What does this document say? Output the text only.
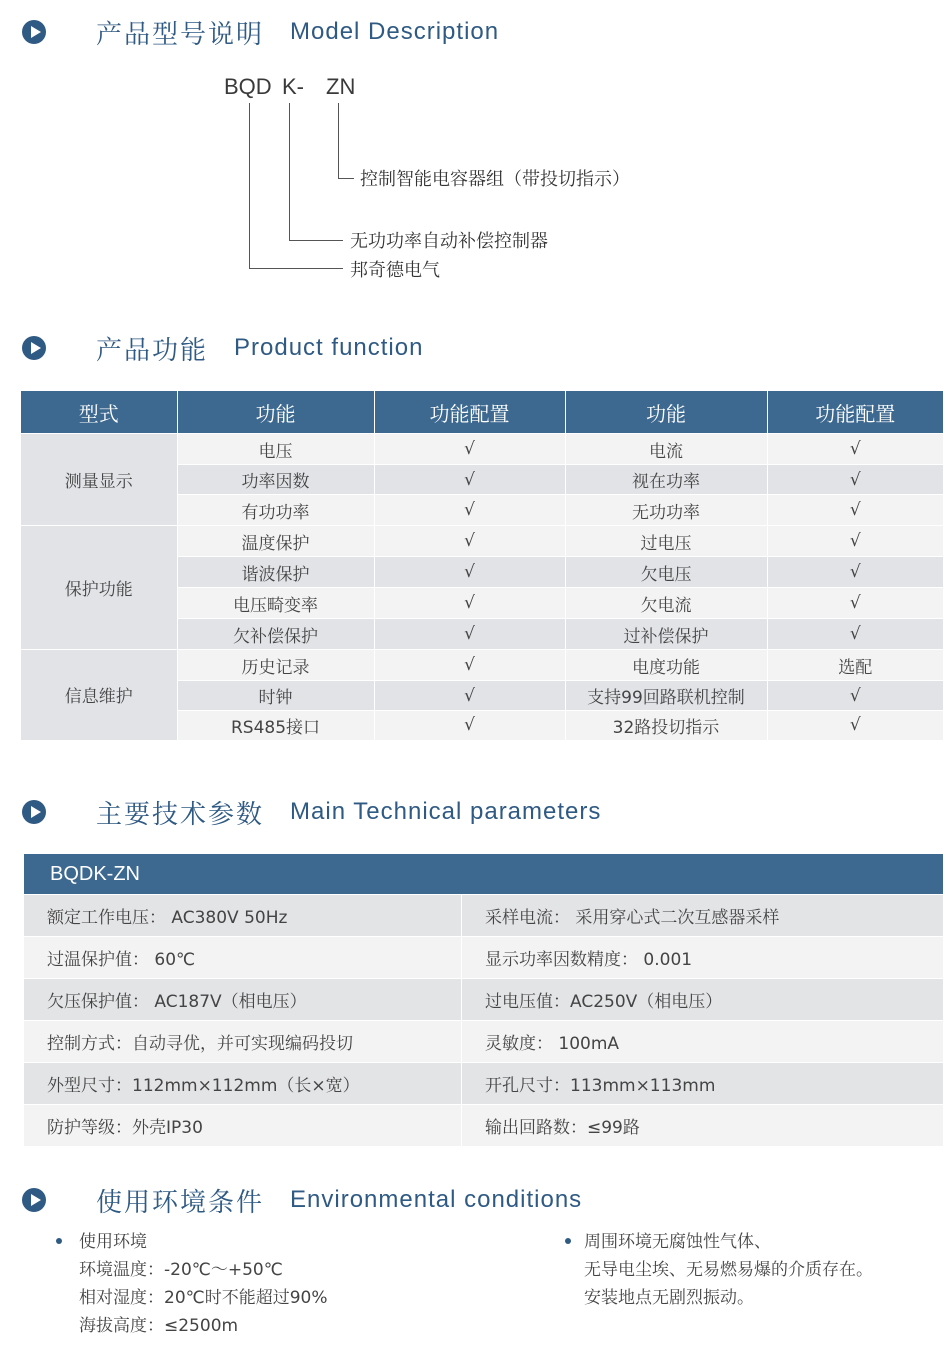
产品型号说明 Model Description
BQD K- ZN
控制智能电容器组（带投切指示）
无功功率自动补偿控制器
邦奇德电气
产品功能 Product function
型式	功能	功能配置	功能	功能配置
测量显示	电压	√	电流	√
	功率因数	√	视在功率	√
	有功功率	√	无功功率	√
保护功能	温度保护	√	过电压	√
	谐波保护	√	欠电压	√
	电压畸变率	√	欠电流	√
	欠补偿保护	√	过补偿保护	√
信息维护	历史记录	√	电度功能	选配
	时钟	√	支持99回路联机控制	√
	RS485接口	√	32路投切指示	√
主要技术参数 Main Technical parameters
BQDK-ZN	
额定工作电压： AC380V 50Hz	采样电流： 采用穿心式二次互感器采样
过温保护值： 60℃	显示功率因数精度： 0.001
欠压保护值： AC187V（相电压）	过电压值：AC250V（相电压）
控制方式：自动寻优，并可实现编码投切	灵敏度： 100mA
外型尺寸：112mm×112mm（长×宽）	开孔尺寸：113mm×113mm
防护等级：外壳IP30	输出回路数：≤99路
使用环境条件 Environmental conditions
使用环境
环境温度：-20℃～+50℃
相对湿度：20℃时不能超过90%
海拔高度：≤2500m
周围环境无腐蚀性气体、
无导电尘埃、无易燃易爆的介质存在。
安装地点无剧烈振动。
